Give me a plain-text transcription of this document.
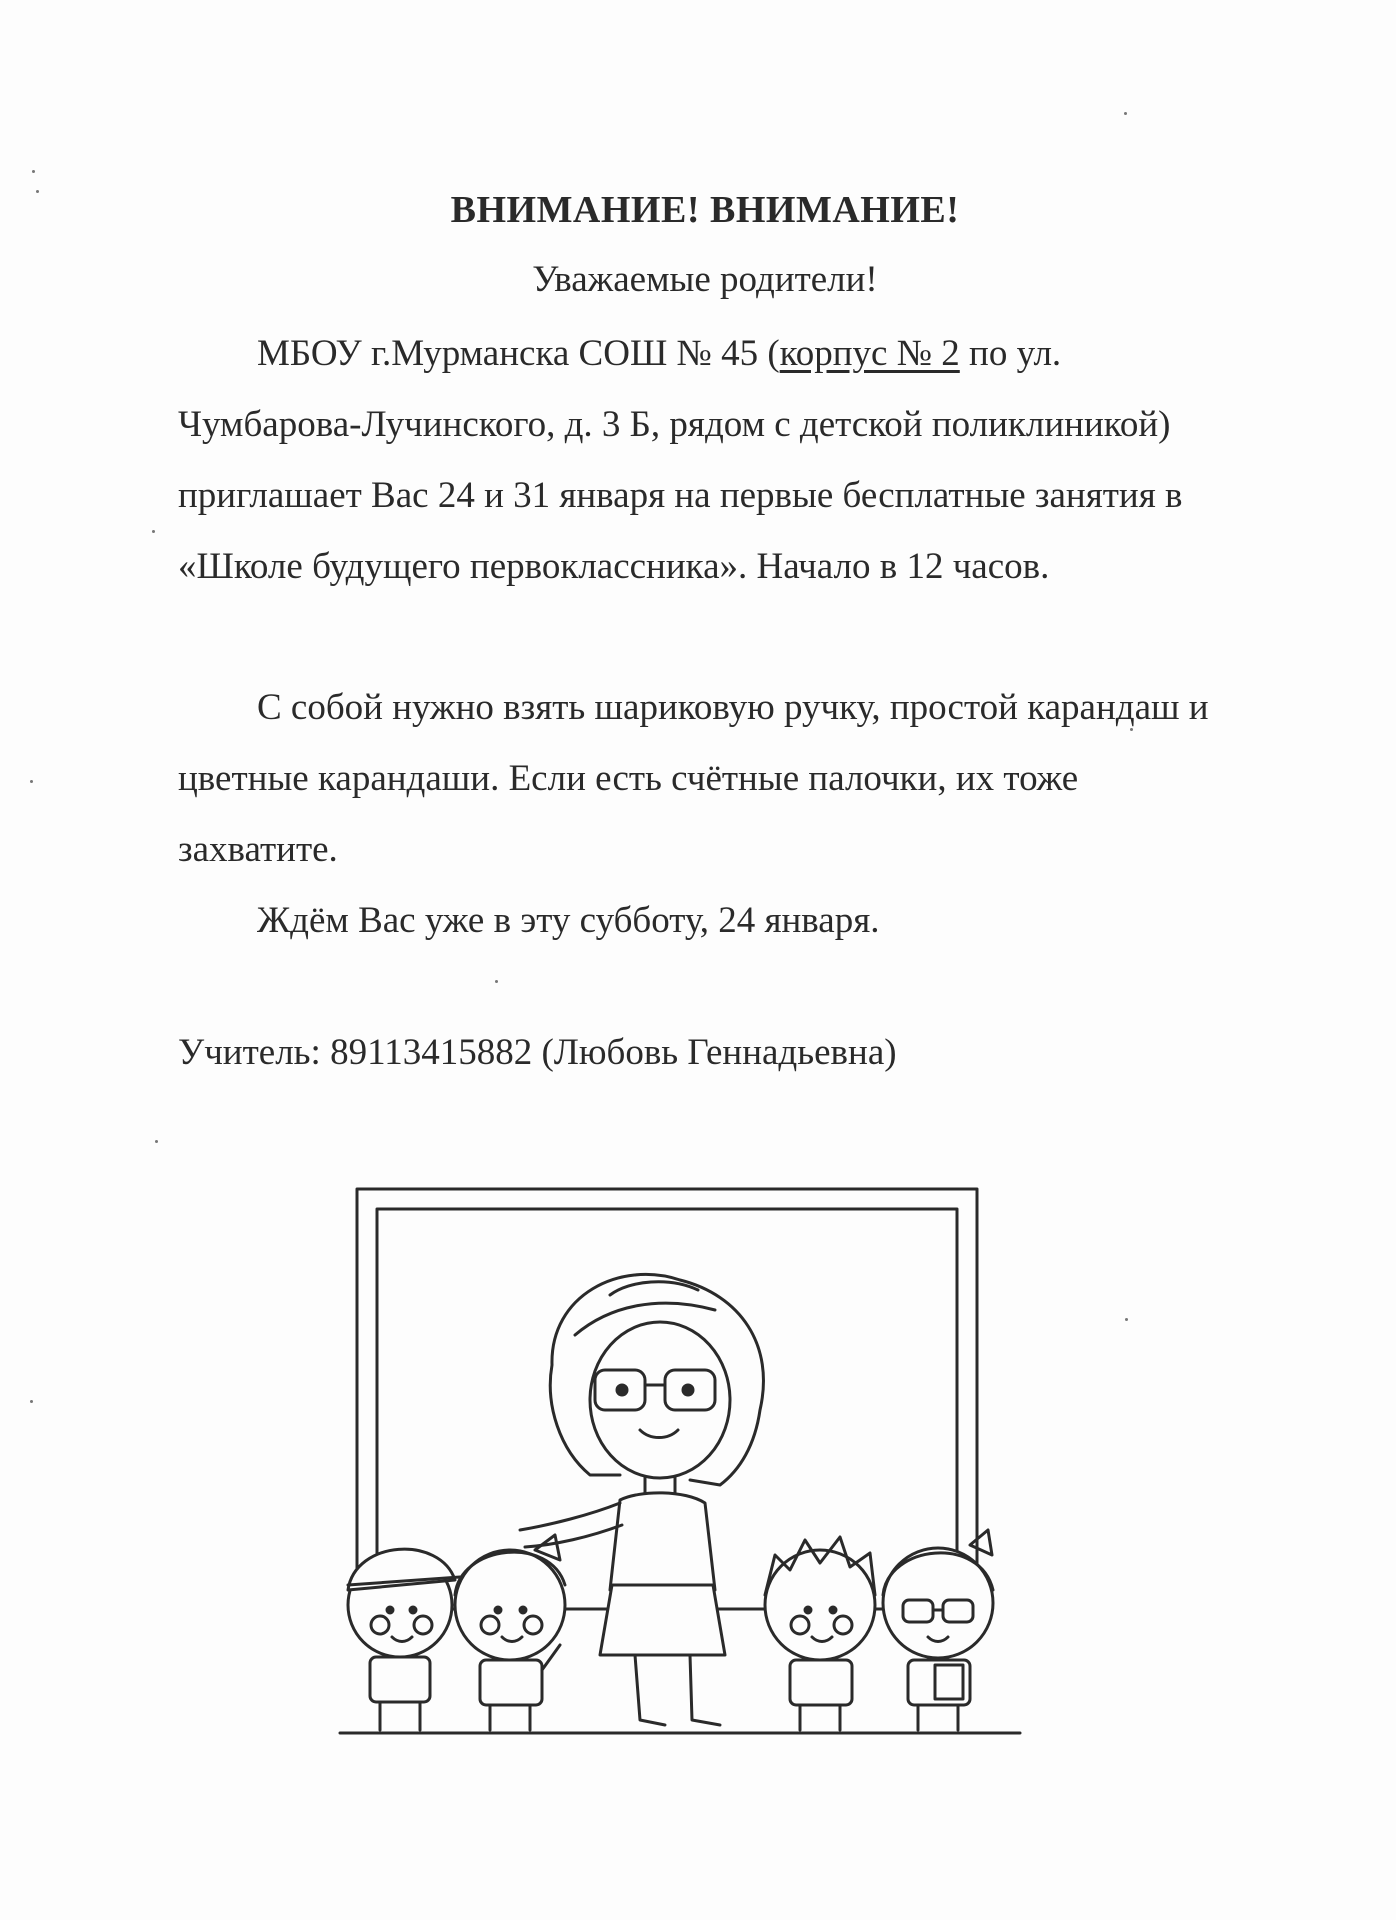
ВНИМАНИЕ! ВНИМАНИЕ!
Уважаемые родители!

МБОУ г.Мурманска СОШ № 45 (корпус № 2 по ул. Чумбарова-Лучинского, д. 3 Б, рядом с детской поликлиникой) приглашает Вас 24 и 31 января на первые бесплатные занятия в «Школе будущего первоклассника». Начало в 12 часов.

С собой нужно взять шариковую ручку, простой карандаш и цветные карандаши. Если есть счётные палочки, их тоже захватите.

Ждём Вас уже в эту субботу, 24 января.

Учитель: 89113415882 (Любовь Геннадьевна)
